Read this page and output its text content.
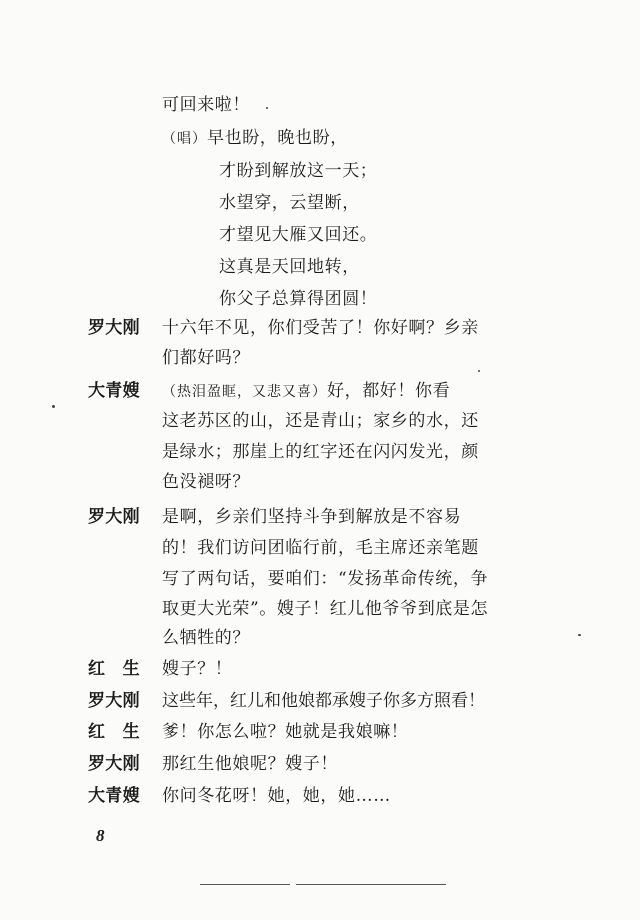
可回来啦！
（唱）早也盼，晚也盼，
才盼到解放这一天；
水望穿，云望断，
才望见大雁又回还。
这真是天回地转，
你父子总算得团圆！
罗大刚 十六年不见，你们受苦了！你好啊？乡亲
们都好吗？
大青嫂 （热泪盈眶，又悲又喜）好，都好！你看
这老苏区的山，还是青山；家乡的水，还
是绿水；那崖上的红字还在闪闪发光，颜
色没褪呀？
罗大刚 是啊，乡亲们坚持斗争到解放是不容易
的！我们访问团临行前，毛主席还亲笔题
写了两句话，要咱们：“发扬革命传统，争
取更大光荣”。嫂子！红儿他爷爷到底是怎
么牺牲的？
红　生 嫂子？！
罗大刚 这些年，红儿和他娘都承嫂子你多方照看！
红　生 爹！你怎么啦？她就是我娘嘛！
罗大刚 那红生他娘呢？嫂子！
大青嫂 你问冬花呀！她，她，她……
8
